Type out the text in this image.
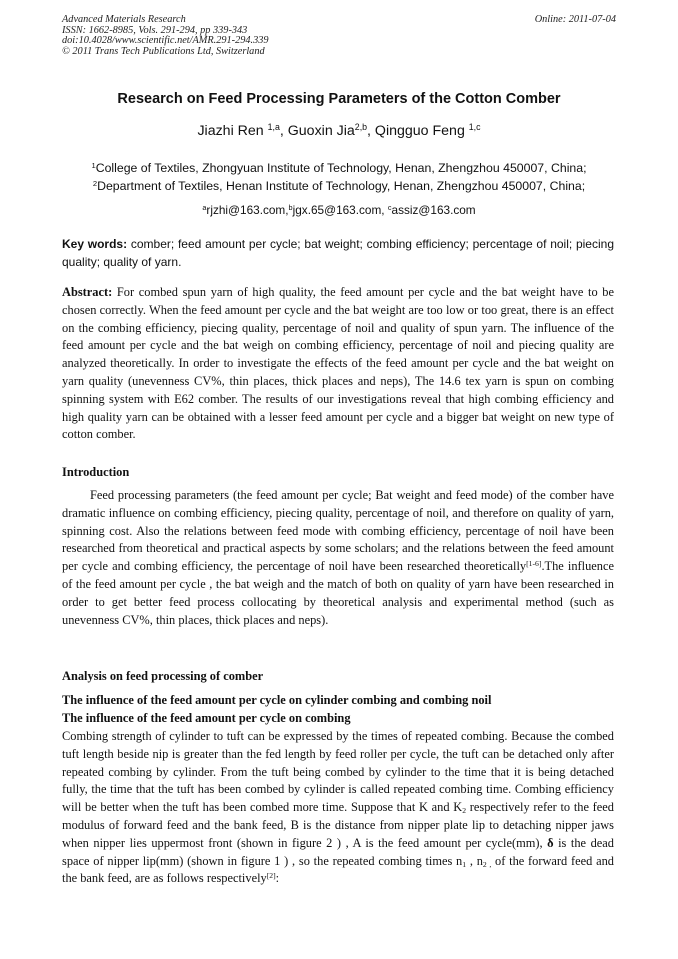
Advanced Materials Research
ISSN: 1662-8985, Vols. 291-294, pp 339-343
doi:10.4028/www.scientific.net/AMR.291-294.339
© 2011 Trans Tech Publications Ltd, Switzerland
Online: 2011-07-04
Research on Feed Processing Parameters of the Cotton Comber
Jiazhi Ren $^{1,a}$, Guoxin Jia$^{2,b}$, Qingguo Feng $^{1,c}$
$^1$College of Textiles, Zhongyuan Institute of Technology, Henan, Zhengzhou 450007, China;
$^2$Department of Textiles, Henan Institute of Technology, Henan, Zhengzhou 450007, China;
$^a$rjzhi@163.com,$^b$jgx.65@163.com, $^c$assiz@163.com
Key words: comber; feed amount per cycle; bat weight; combing efficiency; percentage of noil; piecing quality; quality of yarn.
Abstract: For combed spun yarn of high quality, the feed amount per cycle and the bat weight have to be chosen correctly. When the feed amount per cycle and the bat weight are too low or too great, there is an effect on the combing efficiency, piecing quality, percentage of noil and quality of spun yarn. The influence of the feed amount per cycle and the bat weigh on combing efficiency, percentage of noil and piecing quality are analyzed theoretically. In order to investigate the effects of the feed amount per cycle and the bat weight on yarn quality (unevenness CV%, thin places, thick places and neps), The 14.6 tex yarn is spun on combing spinning system with E62 comber. The results of our investigations reveal that high combing efficiency and high quality yarn can be obtained with a lesser feed amount per cycle and a bigger bat weight on new type of cotton comber.
Introduction
Feed processing parameters (the feed amount per cycle; Bat weight and feed mode) of the comber have dramatic influence on combing efficiency, piecing quality, percentage of noil, and therefore on quality of yarn, spinning cost. Also the relations between feed mode with combing efficiency, percentage of noil have been researched from theoretical and practical aspects by some scholars; and the relations between the feed amount per cycle and combing efficiency, the percentage of noil have been researched theoretically[1-6].The influence of the feed amount per cycle , the bat weigh and the match of both on quality of yarn have been researched in order to get better feed process collocating by theoretical analysis and experimental method (such as unevenness CV%, thin places, thick places and neps).
Analysis on feed processing of comber
The influence of the feed amount per cycle on cylinder combing and combing noil
The influence of the feed amount per cycle on combing
Combing strength of cylinder to tuft can be expressed by the times of repeated combing. Because the combed tuft length beside nip is greater than the fed length by feed roller per cycle, the tuft can be detached only after repeated combing by cylinder. From the tuft being combed by cylinder to the time that it is being detached fully, the time that the tuft has been combed by cylinder is called repeated combing time. Combing efficiency will be better when the tuft has been combed more time. Suppose that K and $K_2$ respectively refer to the feed modulus of forward feed and the bank feed, B is the distance from nipper plate lip to detaching nipper jaws when nipper lies uppermost front (shown in figure 2 ) , A is the feed amount per cycle(mm), δ is the dead space of nipper lip(mm) (shown in figure 1 ) , so the repeated combing times $n_1$ , $n_{2 ,}$ of the forward feed and the bank feed, are as follows respectively[2]:
